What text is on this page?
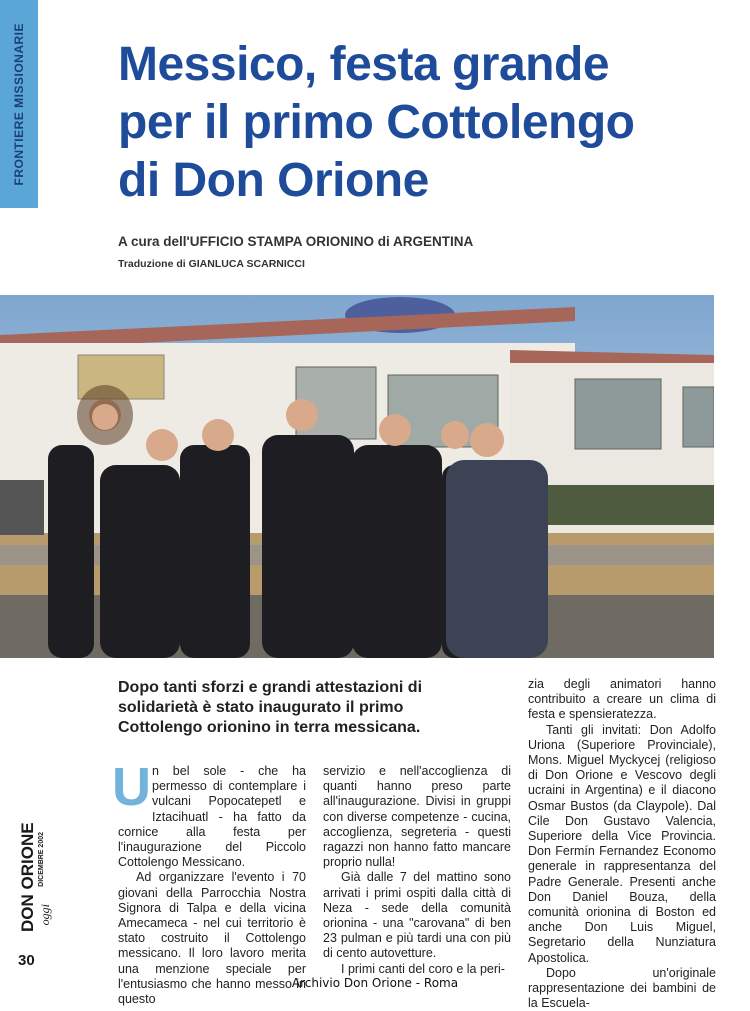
FRONTIERE MISSIONARIE Messico, festa grande
per il primo Cottolengo
di Don Orione
A cura dell'UFFICIO STAMPA ORIONINO di ARGENTINA
Traduzione di GIANLUCA SCARNICCI

Dopo tanti sforzi e grandi attestazioni di solidarietà è stato inaugurato il primo Cottolengo orionino in terra messicana.

Un bel sole - che ha permesso di contemplare i vulcani Popocatepetl e Iztacihuatl - ha fatto da cornice alla festa per l'inaugurazione del Piccolo Cottolengo Messicano.

Ad organizzare l'evento i 70 giovani della Parrocchia Nostra Signora di Talpa e della vicina Amecameca - nel cui territorio è stato costruito il Cottolengo messicano. Il loro lavoro merita una menzione speciale per l'entusiasmo che hanno messo in questo

servizio e nell'accoglienza di quanti hanno preso parte all'inaugurazione. Divisi in gruppi con diverse competenze - cucina, accoglienza, segreteria - questi ragazzi non hanno fatto mancare proprio nulla!

Già dalle 7 del mattino sono arrivati i primi ospiti dalla città di Neza - sede della comunità orionina - una "carovana" di ben 23 pulman e più tardi una con più di cento autovetture.

I primi canti del coro e la peri-

zia degli animatori hanno contribuito a creare un clima di festa e spensieratezza.

Tanti gli invitati: Don Adolfo Uriona (Superiore Provinciale), Mons. Miguel Myckycej (religioso di Don Orione e Vescovo degli ucraini in Argentina) e il diacono Osmar Bustos (da Claypole). Dal Cile Don Gustavo Valencia, Superiore della Vice Provincia. Don Fermín Fernandez Economo generale in rappresentanza del Padre Generale. Presenti anche Don Daniel Bouza, della comunità orionina di Boston ed anche Don Luis Miguel, Segretario della Nunziatura Apostolica.

Dopo un'originale rappresentazione dei bambini de la Escuela-

DON ORIONE DICEMBRE 2002
oggi
30
Archivio Don Orione - Roma
